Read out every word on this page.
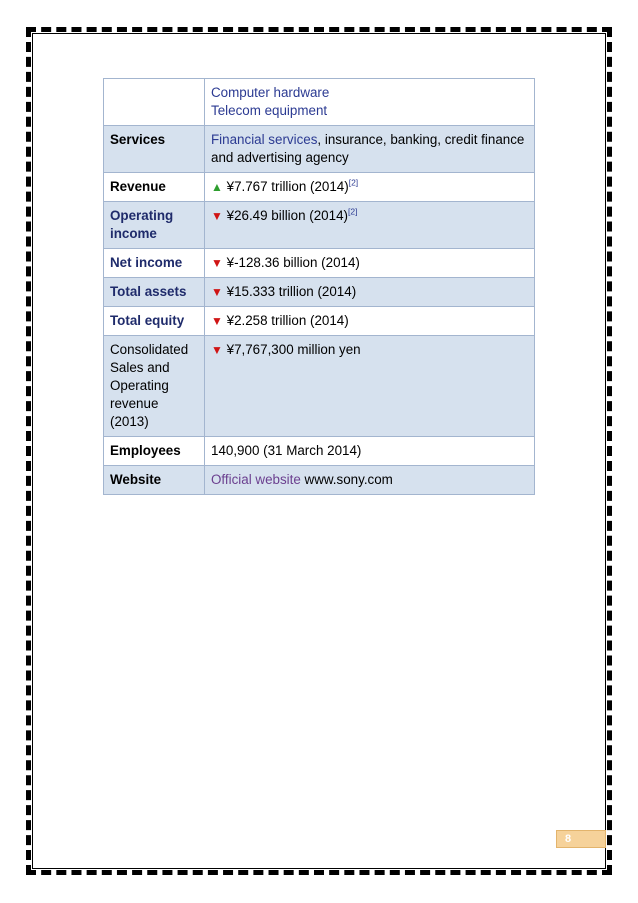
	Computer hardware
Telecom equipment
Services	Financial services, insurance, banking, credit finance and advertising agency
Revenue	▲ ¥7.767 trillion (2014)[2]
Operating income	▼ ¥26.49 billion (2014)[2]
Net income	▼ ¥-128.36 billion (2014)
Total assets	▼ ¥15.333 trillion (2014)
Total equity	▼ ¥2.258 trillion (2014)
Consolidated Sales and Operating revenue (2013)	▼ ¥7,767,300 million yen
Employees	140,900 (31 March 2014)
Website	Official website www.sony.com
8
